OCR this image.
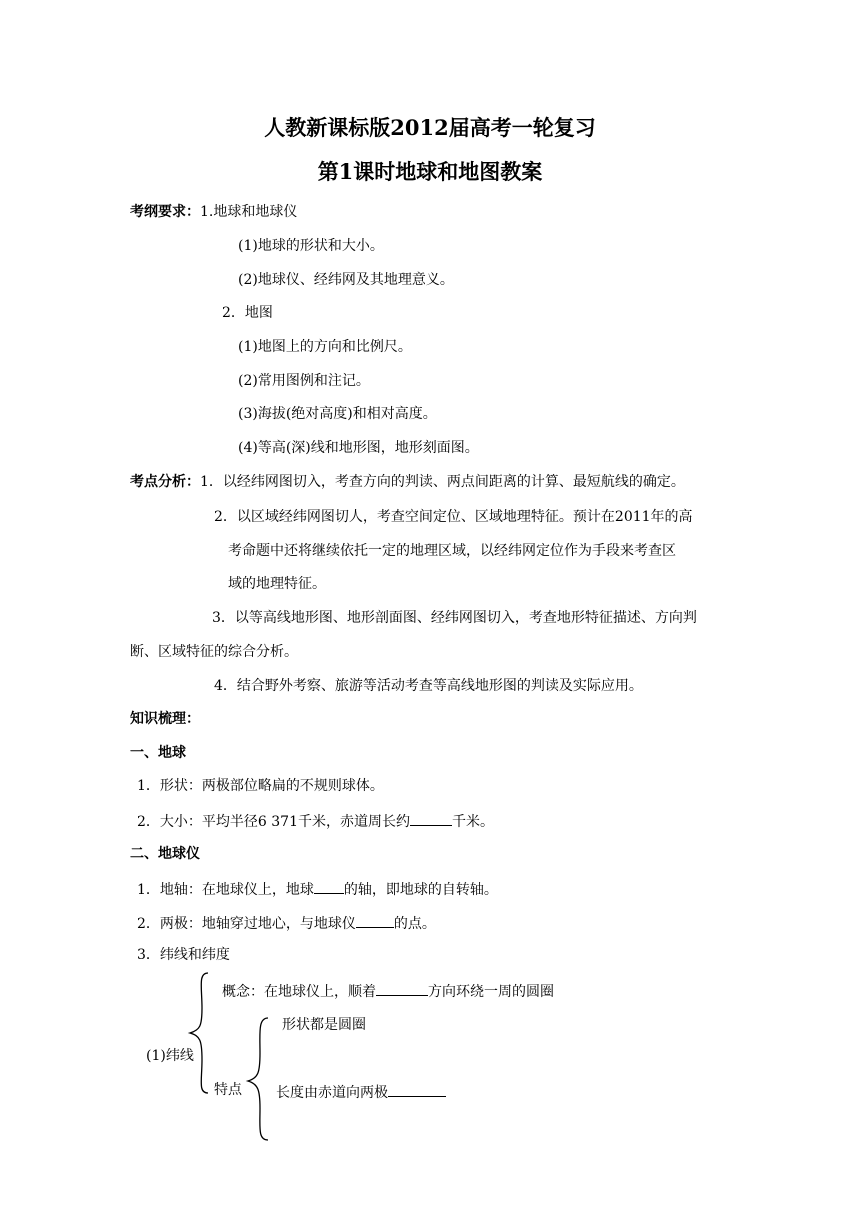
人教新课标版2012届高考一轮复习
第1课时地球和地图教案
考纲要求：1.地球和地球仪
(1)地球的形状和大小。
(2)地球仪、经纬网及其地理意义。
2．地图
(1)地图上的方向和比例尺。
(2)常用图例和注记。
(3)海拔(绝对高度)和相对高度。
(4)等高(深)线和地形图，地形刻面图。
考点分析：1．以经纬网图切入，考查方向的判读、两点间距离的计算、最短航线的确定。
2．以区域经纬网图切人，考查空间定位、区域地理特征。预计在2011年的高
考命题中还将继续依托一定的地理区域，以经纬网定位作为手段来考查区
域的地理特征。
3．以等高线地形图、地形剖面图、经纬网图切入，考查地形特征描述、方向判
断、区域特征的综合分析。
4．结合野外考察、旅游等活动考查等高线地形图的判读及实际应用。
知识梳理：
一、地球
1．形状：两极部位略扁的不规则球体。
2．大小：平均半径6 371千米，赤道周长约	千米。
二、地球仪
1．地轴：在地球仪上，地球 的轴，即地球的自转轴。
2．两极：地轴穿过地心，与地球仪	的点。
3．纬线和纬度
(1)纬线
概念：在地球仪上，顺着	方向环绕一周的圆圈
特点
形状都是圆圈
长度由赤道向两极
